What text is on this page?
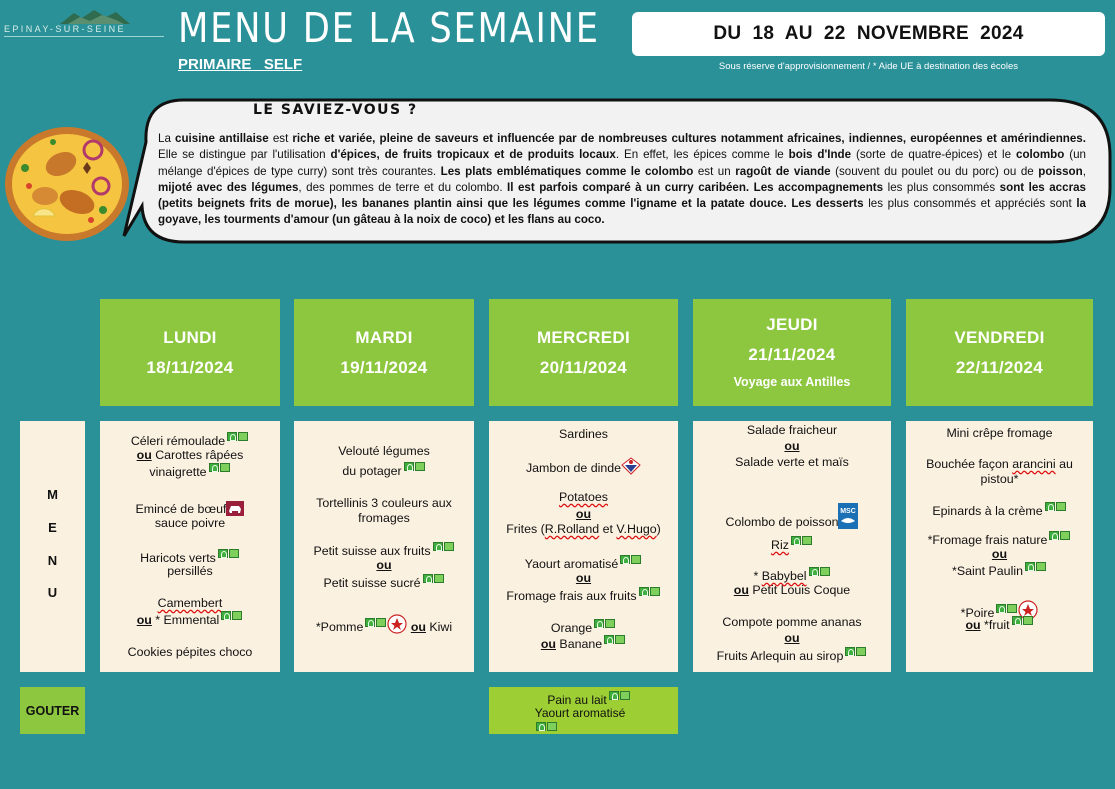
EPINAY-SUR-SEINE	MENU DE LA SEMAINE
PRIMAIRE   SELF
DU  18  AU  22  NOVEMBRE  2024
Sous réserve d'approvisionnement / * Aide UE à destination des écoles
LE SAVIEZ-VOUS ?
La cuisine antillaise est riche et variée, pleine de saveurs et influencée par de nombreuses cultures notamment africaines, indiennes, européennes et amérindiennes. Elle se distingue par l'utilisation d'épices, de fruits tropicaux et de produits locaux. En effet, les épices comme le bois d'Inde (sorte de quatre-épices) et le colombo (un mélange d'épices de type curry) sont très courantes. Les plats emblématiques comme le colombo est un ragoût de viande (souvent du poulet ou du porc) ou de poisson, mijoté avec des légumes, des pommes de terre et du colombo. Il est parfois comparé à un curry caribéen. Les accompagnements les plus consommés sont les accras (petits beignets frits de morue), les bananes plantin ainsi que les légumes comme l'igname et la patate douce. Les desserts les plus consommés et appréciés sont la goyave, les tourments d'amour (un gâteau à la noix de coco) et les flans au coco.
LUNDI
18/11/2024
MARDI
19/11/2024
MERCREDI
20/11/2024
JEUDI
21/11/2024
Voyage aux Antilles
VENDREDI
22/11/2024
M
E
N
U
GOUTER
Céleri rémoulade
ou Carottes râpées
vinaigrette
Emincé de bœuf
sauce poivre
Haricots verts
persillés
Camembert
ou * Emmental
Cookies pépites choco
Velouté légumes
du potager
Tortellinis 3 couleurs aux
fromages
Petit suisse aux fruits
ou
Petit suisse sucré
*Pomme	ou Kiwi
Sardines
Jambon de dinde
Potatoes
ou
Frites (R.Rolland et V.Hugo)
Yaourt aromatisé
ou
Fromage frais aux fruits
Orange
ou Banane
Salade fraicheur
ou
Salade verte et maïs
Colombo de poisson
MSC
Riz
* Babybel
ou Petit Louis Coque
Compote pomme ananas
ou
Fruits Arlequin au sirop
Mini crêpe fromage
Bouchée façon arancini au
pistou*
Epinards à la crème
*Fromage frais nature
ou
*Saint Paulin
*Poire
ou *fruit
Pain au lait
Yaourt aromatisé
